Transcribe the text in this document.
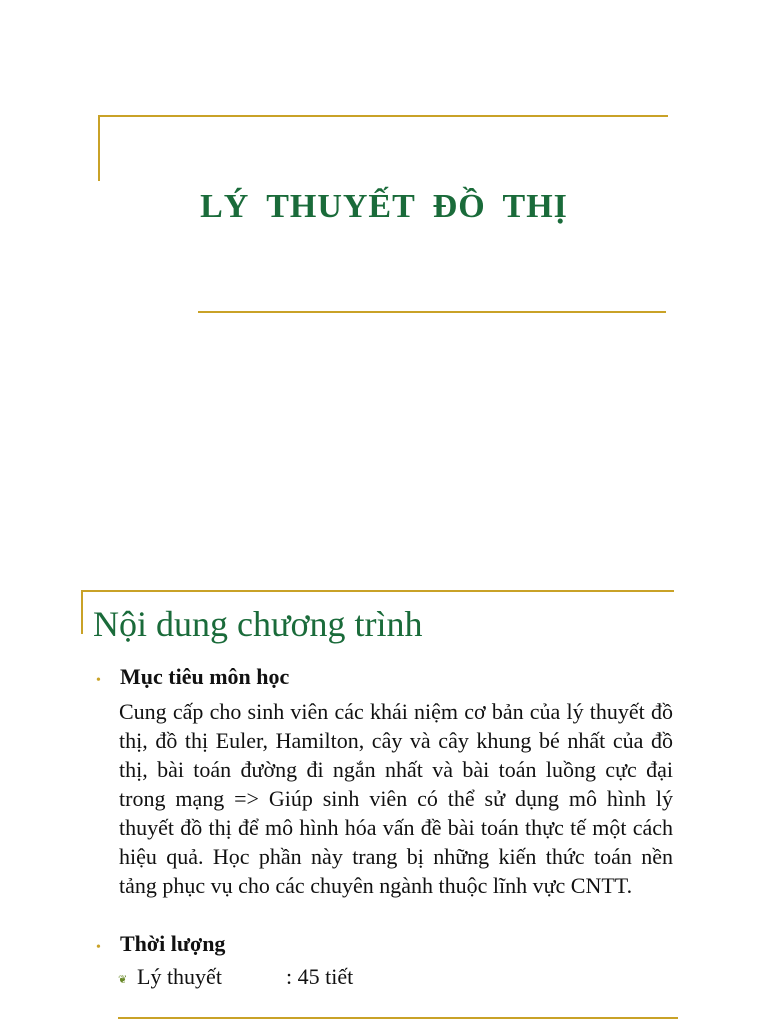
LÝ THUYẾT ĐỒ THỊ
Nội dung chương trình
• Mục tiêu môn học

Cung cấp cho sinh viên các khái niệm cơ bản của lý thuyết đồ thị, đồ thị Euler, Hamilton, cây và cây khung bé nhất của đồ thị, bài toán đường đi ngắn nhất và bài toán luồng cực đại trong mạng => Giúp sinh viên có thể sử dụng mô hình lý thuyết đồ thị để mô hình hóa vấn đề bài toán thực tế một cách hiệu quả. Học phần này trang bị những kiến thức toán nền tảng phục vụ cho các chuyên ngành thuộc lĩnh vực CNTT.

• Thời lượng
❦ Lý thuyết	: 45 tiết
